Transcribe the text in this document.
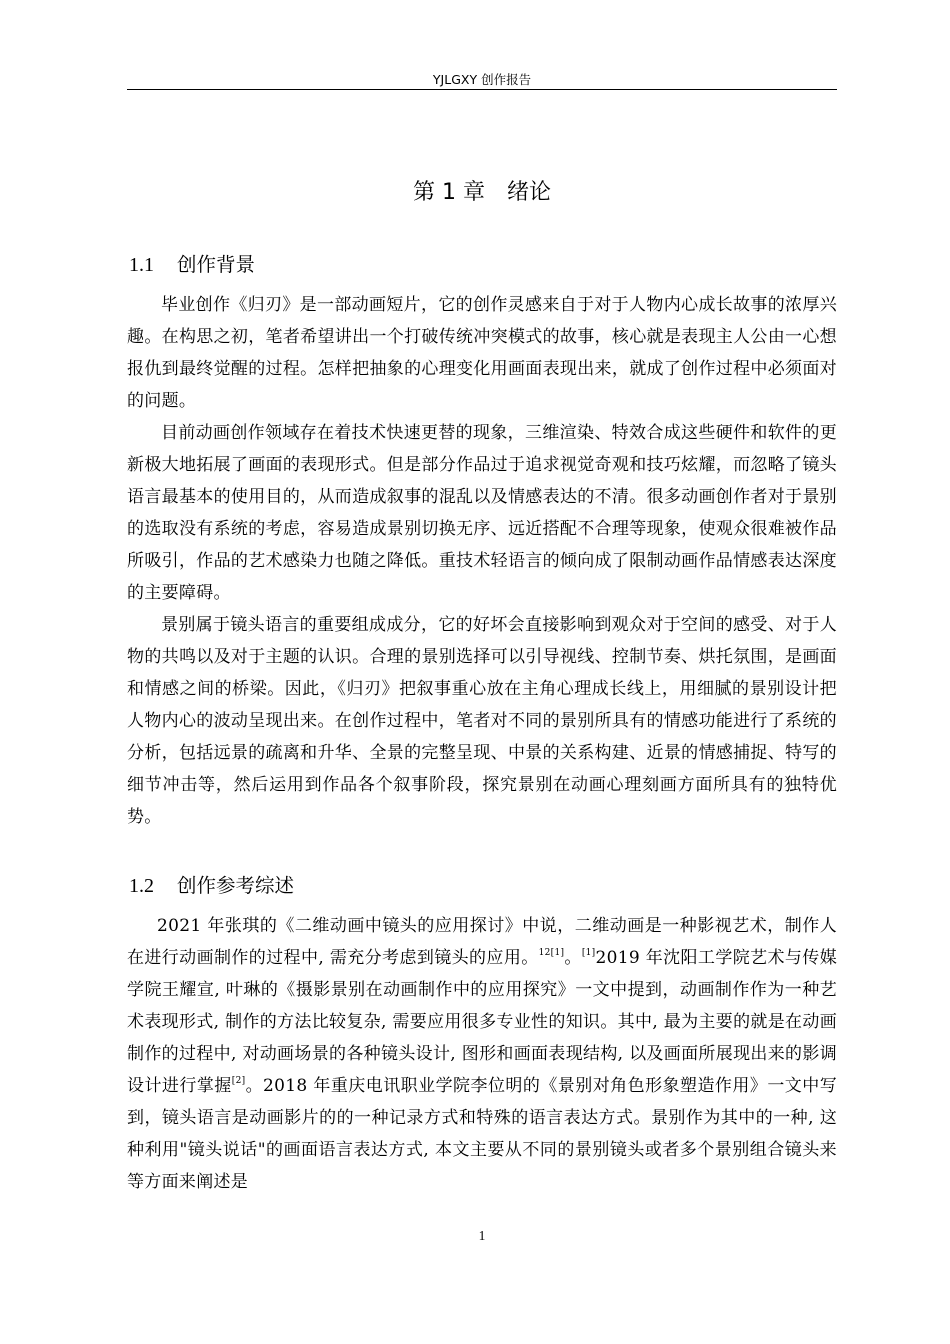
YJLGXY 创作报告
第 1 章 绪论
1.1 创作背景

毕业创作《归刃》是一部动画短片，它的创作灵感来自于对于人物内心成长故事的浓厚兴趣。在构思之初，笔者希望讲出一个打破传统冲突模式的故事，核心就是表现主人公由一心想报仇到最终觉醒的过程。怎样把抽象的心理变化用画面表现出来，就成了创作过程中必须面对的问题。

目前动画创作领域存在着技术快速更替的现象，三维渲染、特效合成这些硬件和软件的更新极大地拓展了画面的表现形式。但是部分作品过于追求视觉奇观和技巧炫耀，而忽略了镜头语言最基本的使用目的，从而造成叙事的混乱以及情感表达的不清。很多动画创作者对于景别的选取没有系统的考虑，容易造成景别切换无序、远近搭配不合理等现象，使观众很难被作品所吸引，作品的艺术感染力也随之降低。重技术轻语言的倾向成了限制动画作品情感表达深度的主要障碍。

景别属于镜头语言的重要组成成分，它的好坏会直接影响到观众对于空间的感受、对于人物的共鸣以及对于主题的认识。合理的景别选择可以引导视线、控制节奏、烘托氛围，是画面和情感之间的桥梁。因此，《归刃》把叙事重心放在主角心理成长线上，用细腻的景别设计把人物内心的波动呈现出来。在创作过程中，笔者对不同的景别所具有的情感功能进行了系统的分析，包括远景的疏离和升华、全景的完整呈现、中景的关系构建、近景的情感捕捉、特写的细节冲击等，然后运用到作品各个叙事阶段，探究景别在动画心理刻画方面所具有的独特优势。

1.2 创作参考综述

2021 年张琪的《二维动画中镜头的应用探讨》中说，二维动画是一种影视艺术，制作人在进行动画制作的过程中, 需充分考虑到镜头的应用。$^{12[1]}$。[1]2019 年沈阳工学院艺术与传媒学院王耀宣, 叶琳的《摄影景别在动画制作中的应用探究》一文中提到，动画制作作为一种艺术表现形式, 制作的方法比较复杂, 需要应用很多专业性的知识。其中, 最为主要的就是在动画制作的过程中, 对动画场景的各种镜头设计, 图形和画面表现结构, 以及画面所展现出来的影调设计进行掌握[2]。2018 年重庆电讯职业学院李位明的《景别对角色形象塑造作用》一文中写到，镜头语言是动画影片的的一种记录方式和特殊的语言表达方式。景别作为其中的一种, 这种利用"镜头说话"的画面语言表达方式, 本文主要从不同的景别镜头或者多个景别组合镜头来等方面来阐述是

1
